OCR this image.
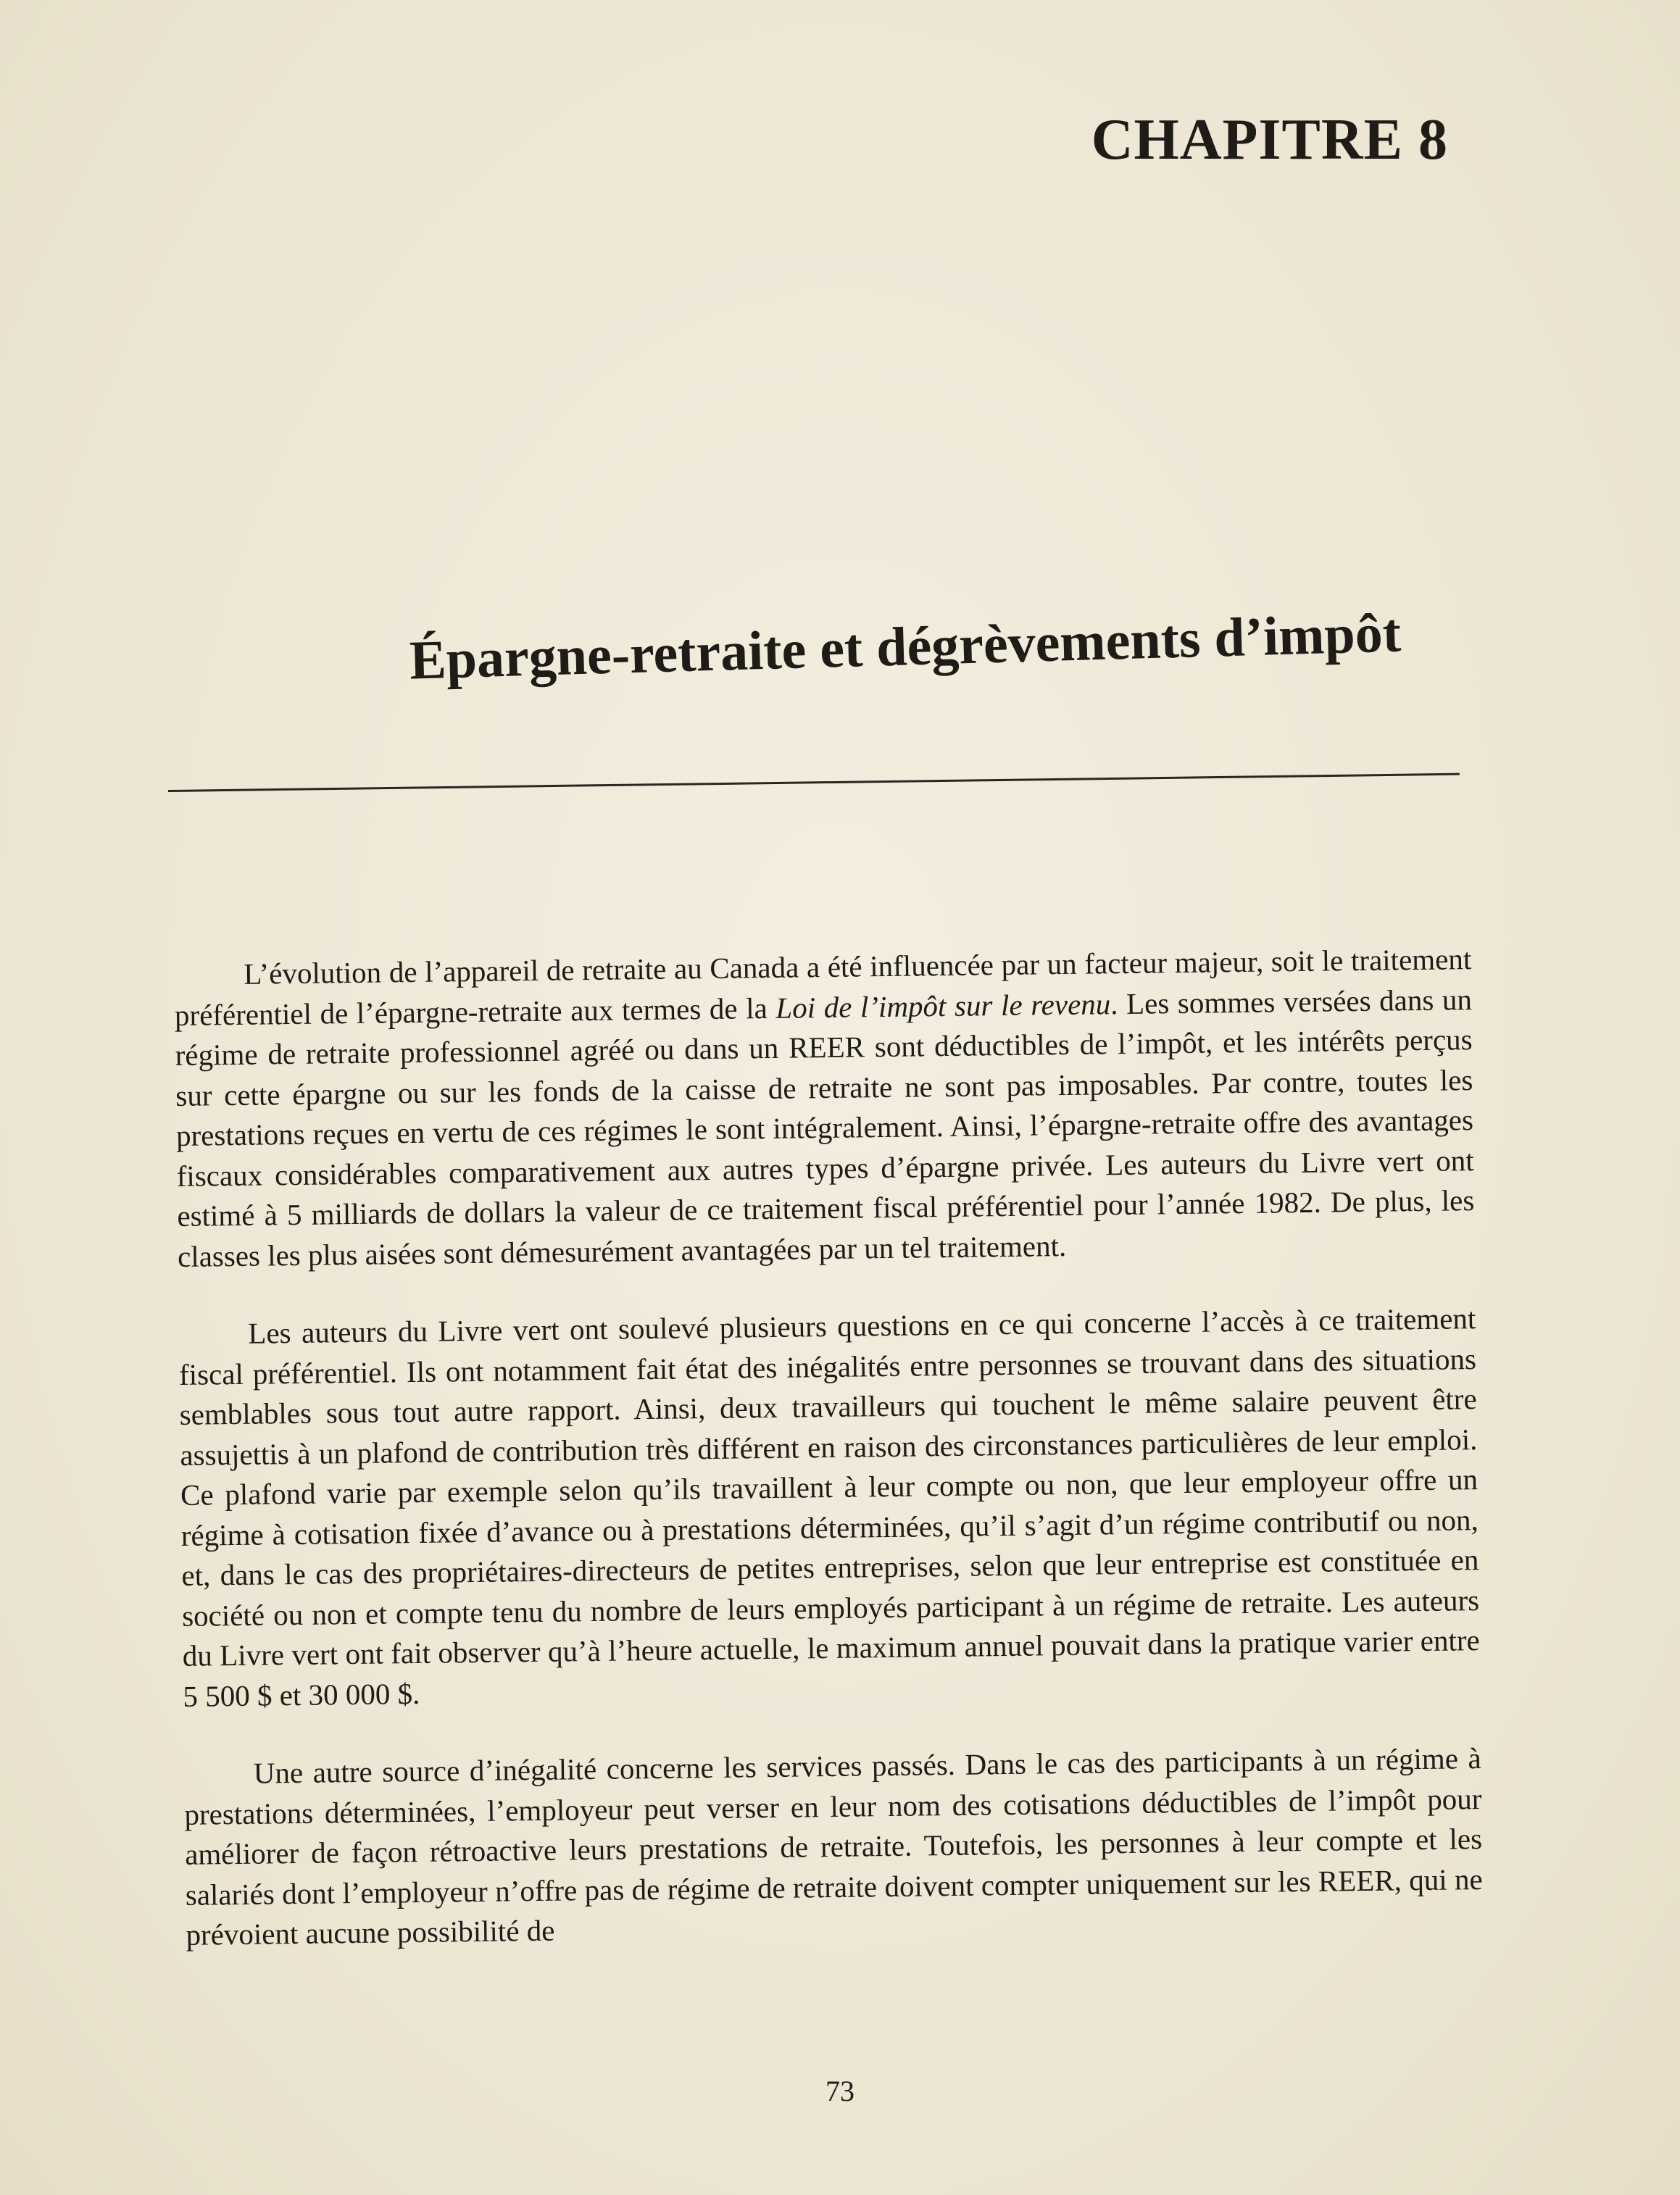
CHAPITRE 8
Épargne-retraite et dégrèvements d’impôt

L’évolution de l’appareil de retraite au Canada a été influencée par un facteur majeur, soit le traitement préférentiel de l’épargne-retraite aux termes de la Loi de l’impôt sur le revenu. Les sommes versées dans un régime de retraite professionnel agréé ou dans un REER sont déductibles de l’impôt, et les intérêts perçus sur cette épargne ou sur les fonds de la caisse de retraite ne sont pas imposables. Par contre, toutes les prestations reçues en vertu de ces régimes le sont intégralement. Ainsi, l’épargne-retraite offre des avantages fiscaux considérables comparativement aux autres types d’épargne privée. Les auteurs du Livre vert ont estimé à 5 milliards de dollars la valeur de ce traitement fiscal préférentiel pour l’année 1982. De plus, les classes les plus aisées sont démesurément avantagées par un tel traitement.

Les auteurs du Livre vert ont soulevé plusieurs questions en ce qui concerne l’accès à ce traitement fiscal préférentiel. Ils ont notamment fait état des inégalités entre personnes se trouvant dans des situations semblables sous tout autre rapport. Ainsi, deux travailleurs qui touchent le même salaire peuvent être assujettis à un plafond de contribution très différent en raison des circonstances particulières de leur emploi. Ce plafond varie par exemple selon qu’ils travaillent à leur compte ou non, que leur employeur offre un régime à cotisation fixée d’avance ou à prestations déterminées, qu’il s’agit d’un régime contributif ou non, et, dans le cas des propriétaires-directeurs de petites entreprises, selon que leur entreprise est constituée en société ou non et compte tenu du nombre de leurs employés participant à un régime de retraite. Les auteurs du Livre vert ont fait observer qu’à l’heure actuelle, le maximum annuel pouvait dans la pratique varier entre 5 500 $ et 30 000 $.

Une autre source d’inégalité concerne les services passés. Dans le cas des participants à un régime à prestations déterminées, l’employeur peut verser en leur nom des cotisations déductibles de l’impôt pour améliorer de façon rétroactive leurs prestations de retraite. Toutefois, les personnes à leur compte et les salariés dont l’employeur n’offre pas de régime de retraite doivent compter uniquement sur les REER, qui ne prévoient aucune possibilité de

73
